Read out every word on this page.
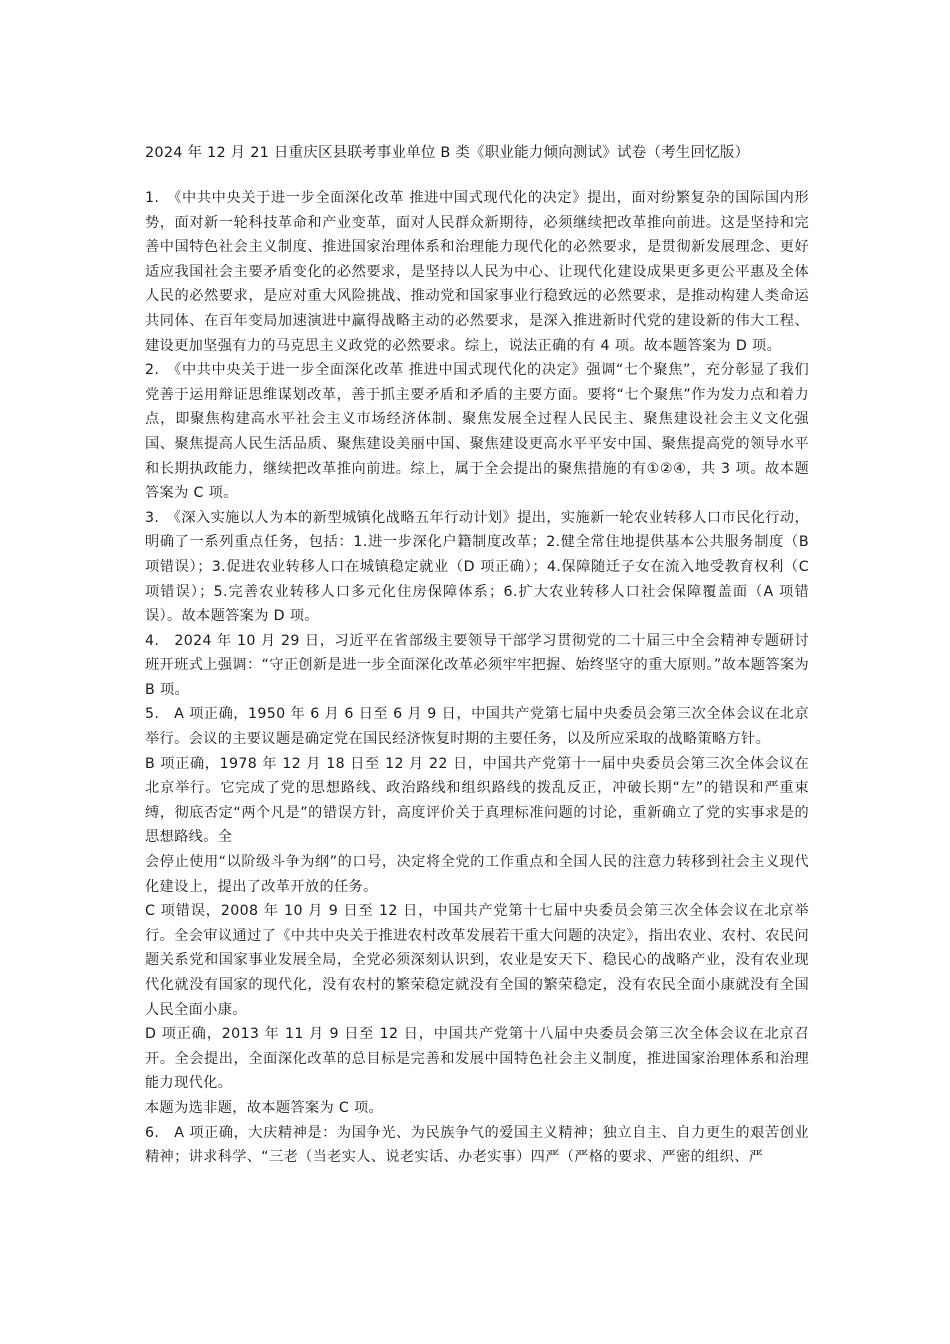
2024 年 12 月 21 日重庆区县联考事业单位 B 类《职业能力倾向测试》试卷（考生回忆版）

1.　《中共中央关于进一步全面深化改革 推进中国式现代化的决定》提出，面对纷繁复杂的国际国内形势，面对新一轮科技革命和产业变革，面对人民群众新期待，必须继续把改革推向前进。这是坚持和完善中国特色社会主义制度、推进国家治理体系和治理能力现代化的必然要求，是贯彻新发展理念、更好适应我国社会主要矛盾变化的必然要求，是坚持以人民为中心、让现代化建设成果更多更公平惠及全体人民的必然要求，是应对重大风险挑战、推动党和国家事业行稳致远的必然要求，是推动构建人类命运共同体、在百年变局加速演进中赢得战略主动的必然要求，是深入推进新时代党的建设新的伟大工程、建设更加坚强有力的马克思主义政党的必然要求。综上，说法正确的有 4 项。故本题答案为 D 项。

2.　《中共中央关于进一步全面深化改革 推进中国式现代化的决定》强调“七个聚焦”，充分彰显了我们党善于运用辩证思维谋划改革，善于抓主要矛盾和矛盾的主要方面。要将“七个聚焦”作为发力点和着力点，即聚焦构建高水平社会主义市场经济体制、聚焦发展全过程人民民主、聚焦建设社会主义文化强国、聚焦提高人民生活品质、聚焦建设美丽中国、聚焦建设更高水平平安中国、聚焦提高党的领导水平和长期执政能力，继续把改革推向前进。综上，属于全会提出的聚焦措施的有①②④，共 3 项。故本题答案为 C 项。

3.　《深入实施以人为本的新型城镇化战略五年行动计划》提出，实施新一轮农业转移人口市民化行动，明确了一系列重点任务，包括：1.进一步深化户籍制度改革；2.健全常住地提供基本公共服务制度（B 项错误）；3.促进农业转移人口在城镇稳定就业（D 项正确）；4.保障随迁子女在流入地受教育权利（C 项错误）；5.完善农业转移人口多元化住房保障体系；6.扩大农业转移人口社会保障覆盖面（A 项错误）。故本题答案为 D 项。

4.　2024 年 10 月 29 日，习近平在省部级主要领导干部学习贯彻党的二十届三中全会精神专题研讨班开班式上强调：“守正创新是进一步全面深化改革必须牢牢把握、始终坚守的重大原则。”故本题答案为 B 项。

5.　A 项正确，1950 年 6 月 6 日至 6 月 9 日，中国共产党第七届中央委员会第三次全体会议在北京举行。会议的主要议题是确定党在国民经济恢复时期的主要任务，以及所应采取的战略策略方针。

B 项正确，1978 年 12 月 18 日至 12 月 22 日，中国共产党第十一届中央委员会第三次全体会议在北京举行。它完成了党的思想路线、政治路线和组织路线的拨乱反正，冲破长期“左”的错误和严重束缚，彻底否定“两个凡是”的错误方针，高度评价关于真理标准问题的讨论，重新确立了党的实事求是的思想路线。全

会停止使用“以阶级斗争为纲”的口号，决定将全党的工作重点和全国人民的注意力转移到社会主义现代化建设上，提出了改革开放的任务。

C 项错误，2008 年 10 月 9 日至 12 日，中国共产党第十七届中央委员会第三次全体会议在北京举行。全会审议通过了《中共中央关于推进农村改革发展若干重大问题的决定》，指出农业、农村、农民问题关系党和国家事业发展全局，全党必须深刻认识到，农业是安天下、稳民心的战略产业，没有农业现代化就没有国家的现代化，没有农村的繁荣稳定就没有全国的繁荣稳定，没有农民全面小康就没有全国人民全面小康。

D 项正确，2013 年 11 月 9 日至 12 日，中国共产党第十八届中央委员会第三次全体会议在北京召开。全会提出，全面深化改革的总目标是完善和发展中国特色社会主义制度，推进国家治理体系和治理能力现代化。

本题为选非题，故本题答案为 C 项。

6.　A 项正确，大庆精神是：为国争光、为民族争气的爱国主义精神；独立自主、自力更生的艰苦创业精神；讲求科学、“三老（当老实人、说老实话、办老实事）四严（严格的要求、严密的组织、严
